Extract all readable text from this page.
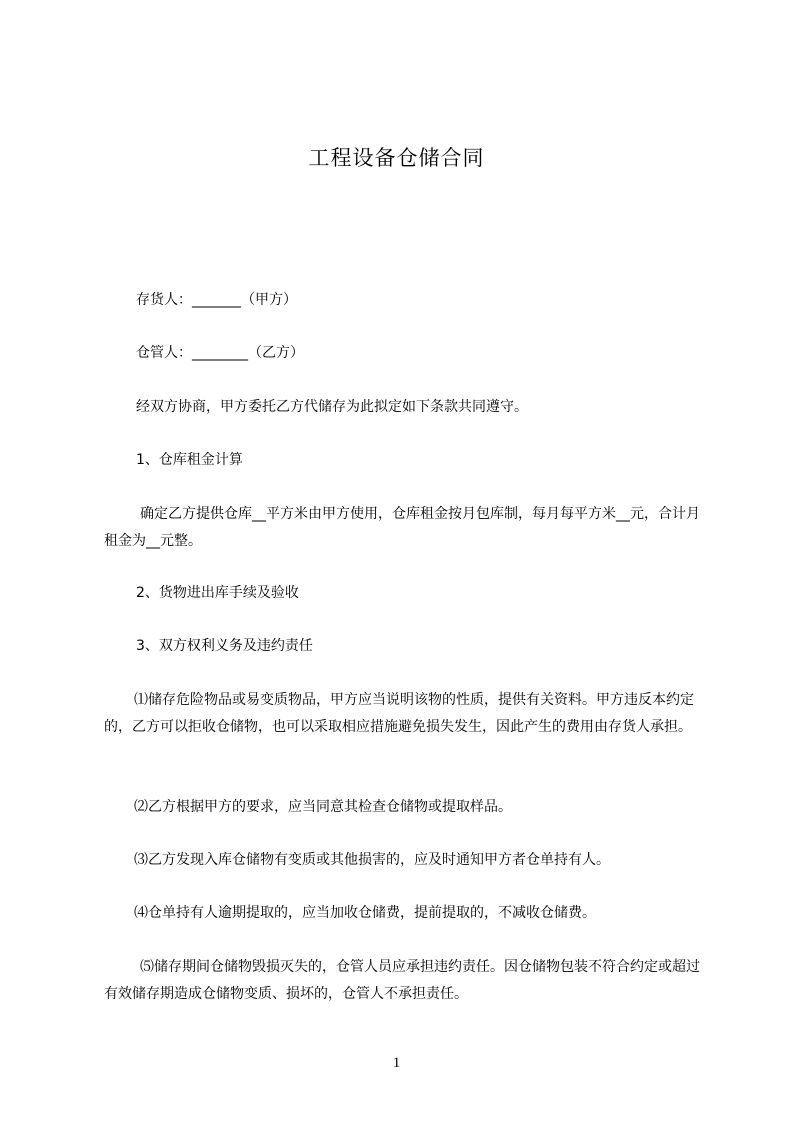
工程设备仓储合同

存货人：_______（甲方）

仓管人：________（乙方）

经双方协商，甲方委托乙方代储存为此拟定如下条款共同遵守。

1、仓库租金计算

确定乙方提供仓库__平方米由甲方使用，仓库租金按月包库制，每月每平方米__元，合计月租金为__元整。

2、货物进出库手续及验收

3、双方权利义务及违约责任

⑴储存危险物品或易变质物品，甲方应当说明该物的性质，提供有关资料。甲方违反本约定的，乙方可以拒收仓储物，也可以采取相应措施避免损失发生，因此产生的费用由存货人承担。

⑵乙方根据甲方的要求，应当同意其检查仓储物或提取样品。

⑶乙方发现入库仓储物有变质或其他损害的，应及时通知甲方者仓单持有人。

⑷仓单持有人逾期提取的，应当加收仓储费，提前提取的，不减收仓储费。

⑸储存期间仓储物毁损灭失的，仓管人员应承担违约责任。因仓储物包装不符合约定或超过有效储存期造成仓储物变质、损坏的，仓管人不承担责任。

1
